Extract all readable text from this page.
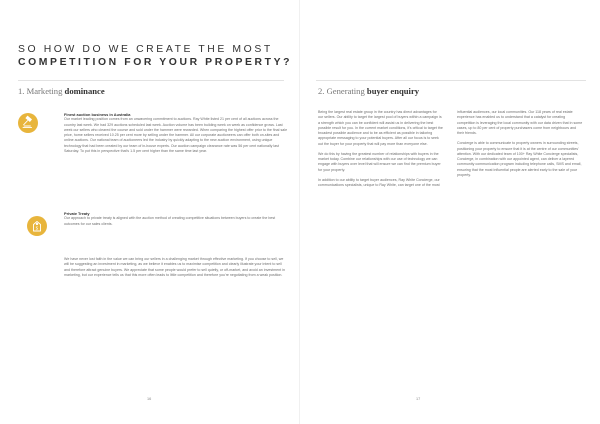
SO HOW DO WE CREATE THE MOST
COMPETITION FOR YOUR PROPERTY?
1. Marketing dominance
Finest auction business in Australia
Our market leading position comes from an unwavering commitment to auctions. Ray White listed 21 per cent of all auctions across the country last week. We had 329 auctions scheduled last week. Auction volume has been building week on week as confidence grows. Last week our sellers who cleared the course and sold under the hammer were rewarded. When comparing the highest offer prior to the final sale price, home sellers received 10.25 per cent more by selling under the hammer. All our corporate auctioneers can offer both on-sites and online auctions. Our national team of auctioneers led the industry by quickly adapting to the new auction environment, using unique technology that had been created by our team of in-house experts. Our auction campaign clearance rate was 56 per cent nationally last Saturday. To put this in perspective that's 1.5 per cent higher than the same time last year.
$
Private Treaty
Our approach to private treaty is aligned with the auction method of creating competitive situations between buyers to create the best outcomes for our sales clients.
We have never lost faith in the value we can bring our sellers in a challenging market through effective marketing. If you choose to sell, we will be suggesting an investment in marketing, as we believe it enables us to maximise competition and clearly illustrate your intent to sell and therefore attract genuine buyers. We appreciate that some people would prefer to sell quietly, or off-market, and avoid an investment in marketing, but our experience tells us that this more often leads to little competition and therefore you're negotiating from a weak position.
16
2. Generating buyer enquiry

Being the largest real estate group in the country has direct advantages for our sellers. Our ability to target the largest pool of buyers within a campaign is a strength which you can be confident will assist us in delivering the best possible result for you. In the current market conditions, it's critical to target the broadest possible audience and to be as efficient as possible in tailoring appropriate messaging to your potential buyers. After all our focus is to seek out the buyer for your property that will pay more than everyone else.

We do this by having the greatest number of relationships with buyers in the market today. Combine our relationships with our use of technology we can engage with buyers over level that will ensure we can find the premium buyer for your property.

In addition to our ability to target buyer audiences, Ray White Concierge, our communications specialists, unique to Ray White, can target one of the most

influential audiences, our local communities. Our 118 years of real estate experience has enabled us to understand that a catalyst for creating competition is leveraging the local community with our data driven that in some cases, up to 80 per cent of property purchasers come from neighbours and their friends.

Concierge is able to communicate to property owners in surrounding streets, positioning your property to ensure that it is at the centre of our communities' attention. With our dedicated team of 100+ Ray White Concierge specialists, Concierge, in combination with our appointed agent, can deliver a layered community communication program including telephone calls, SMS and email, ensuring that the most influential people are alerted early to the sale of your property.

17
